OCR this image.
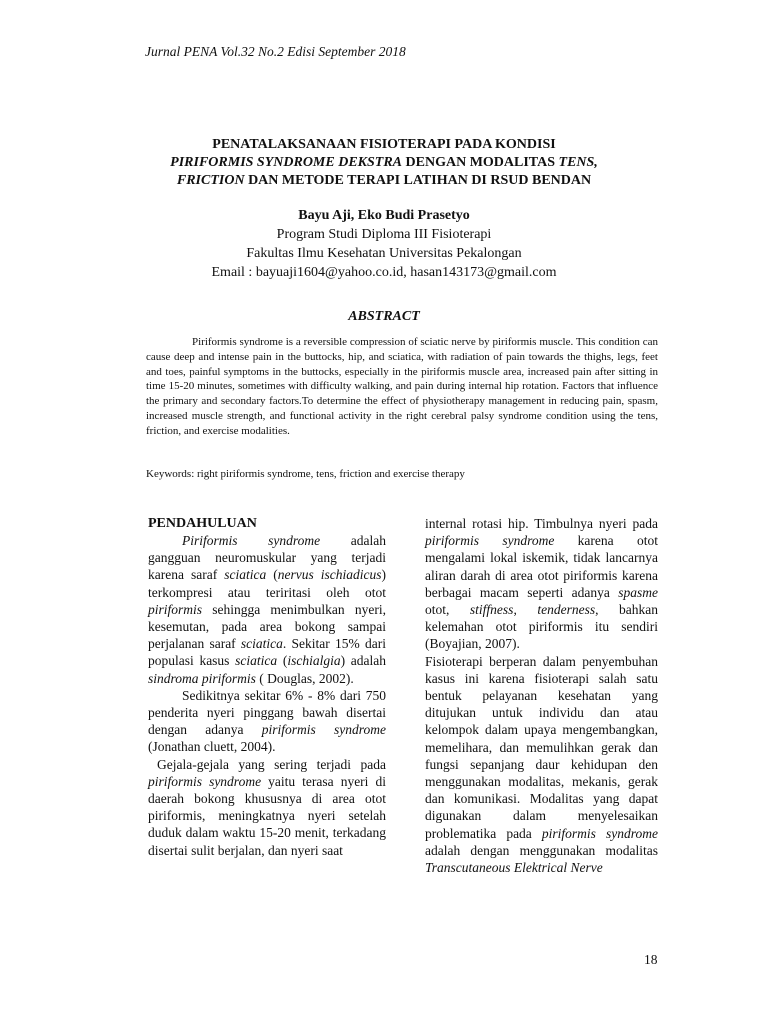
Jurnal PENA Vol.32 No.2 Edisi September 2018
PENATALAKSANAAN FISIOTERAPI PADA KONDISI
PIRIFORMIS SYNDROME DEKSTRA DENGAN MODALITAS TENS,
FRICTION DAN METODE TERAPI LATIHAN DI RSUD BENDAN
Bayu Aji, Eko Budi Prasetyo
Program Studi Diploma III Fisioterapi
Fakultas Ilmu Kesehatan Universitas Pekalongan
Email : bayuaji1604@yahoo.co.id, hasan143173@gmail.com
ABSTRACT
Piriformis syndrome is a reversible compression of sciatic nerve by piriformis muscle. This condition can cause deep and intense pain in the buttocks, hip, and sciatica, with radiation of pain towards the thighs, legs, feet and toes, painful symptoms in the buttocks, especially in the piriformis muscle area, increased pain after sitting in time 15-20 minutes, sometimes with difficulty walking, and pain during internal hip rotation. Factors that influence the primary and secondary factors.To determine the effect of physiotherapy management in reducing pain, spasm, increased muscle strength, and functional activity in the right cerebral palsy syndrome condition using the tens, friction, and exercise modalities.
Keywords: right piriformis syndrome, tens, friction and exercise therapy
PENDAHULUAN

Piriformis syndrome adalah gangguan neuromuskular yang terjadi karena saraf sciatica (nervus ischiadicus) terkompresi atau teriritasi oleh otot piriformis sehingga menimbulkan nyeri, kesemutan, pada area bokong sampai perjalanan saraf sciatica. Sekitar 15% dari populasi kasus sciatica (ischialgia) adalah sindroma piriformis ( Douglas, 2002).

Sedikitnya sekitar 6% - 8% dari 750 penderita nyeri pinggang bawah disertai dengan adanya piriformis syndrome (Jonathan cluett, 2004).

Gejala-gejala yang sering terjadi pada piriformis syndrome yaitu terasa nyeri di daerah bokong khususnya di area otot piriformis, meningkatnya nyeri setelah duduk dalam waktu 15-20 menit, terkadang disertai sulit berjalan, dan nyeri saat

internal rotasi hip. Timbulnya nyeri pada piriformis syndrome karena otot mengalami lokal iskemik, tidak lancarnya aliran darah di area otot piriformis karena berbagai macam seperti adanya spasme otot, stiffness, tenderness, bahkan kelemahan otot piriformis itu sendiri (Boyajian, 2007).

Fisioterapi berperan dalam penyembuhan kasus ini karena fisioterapi salah satu bentuk pelayanan kesehatan yang ditujukan untuk individu dan atau kelompok dalam upaya mengembangkan, memelihara, dan memulihkan gerak dan fungsi sepanjang daur kehidupan den menggunakan modalitas, mekanis, gerak dan komunikasi. Modalitas yang dapat digunakan dalam menyelesaikan problematika pada piriformis syndrome adalah dengan menggunakan modalitas Transcutaneous Elektrical Nerve

18
